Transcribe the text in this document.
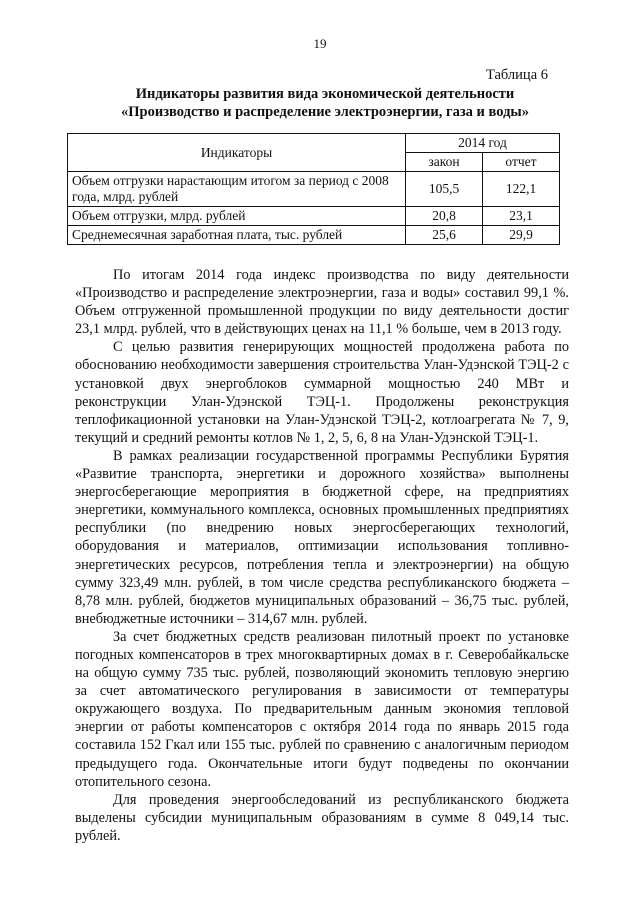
19
Таблица 6
Индикаторы развития вида экономической деятельности
«Производство и распределение электроэнергии, газа и воды»
Индикаторы	2014 год	
	закон	отчет
Объем отгрузки нарастающим итогом за период с 2008 года, млрд. рублей	105,5	122,1
Объем отгрузки, млрд. рублей	20,8	23,1
Среднемесячная заработная плата, тыс. рублей	25,6	29,9

По итогам 2014 года индекс производства по виду деятельности «Производство и распределение электроэнергии, газа и воды» составил 99,1 %. Объем отгруженной промышленной продукции по виду деятельности достиг 23,1 млрд. рублей, что в действующих ценах на 11,1 % больше, чем в 2013 году.

С целью развития генерирующих мощностей продолжена работа по обоснованию необходимости завершения строительства Улан-Удэнской ТЭЦ-2 с установкой двух энергоблоков суммарной мощностью 240 МВт и реконструкции Улан-Удэнской ТЭЦ-1. Продолжены реконструкция теплофикационной установки на Улан-Удэнской ТЭЦ-2, котлоагрегата № 7, 9, текущий и средний ремонты котлов № 1, 2, 5, 6, 8 на Улан-Удэнской ТЭЦ-1.

В рамках реализации государственной программы Республики Бурятия «Развитие транспорта, энергетики и дорожного хозяйства» выполнены энергосберегающие мероприятия в бюджетной сфере, на предприятиях энергетики, коммунального комплекса, основных промышленных предприятиях республики (по внедрению новых энергосберегающих технологий, оборудования и материалов, оптимизации использования топливно-энергетических ресурсов, потребления тепла и электроэнергии) на общую сумму 323,49 млн. рублей, в том числе средства республиканского бюджета – 8,78 млн. рублей, бюджетов муниципальных образований – 36,75 тыс. рублей, внебюджетные источники – 314,67 млн. рублей.

За счет бюджетных средств реализован пилотный проект по установке погодных компенсаторов в трех многоквартирных домах в г. Северобайкальске на общую сумму 735 тыс. рублей, позволяющий экономить тепловую энергию за счет автоматического регулирования в зависимости от температуры окружающего воздуха. По предварительным данным экономия тепловой энергии от работы компенсаторов с октября 2014 года по январь 2015 года составила 152 Гкал или 155 тыс. рублей по сравнению с аналогичным периодом предыдущего года. Окончательные итоги будут подведены по окончании отопительного сезона.

Для проведения энергообследований из республиканского бюджета выделены субсидии муниципальным образованиям в сумме 8 049,14 тыс. рублей.
